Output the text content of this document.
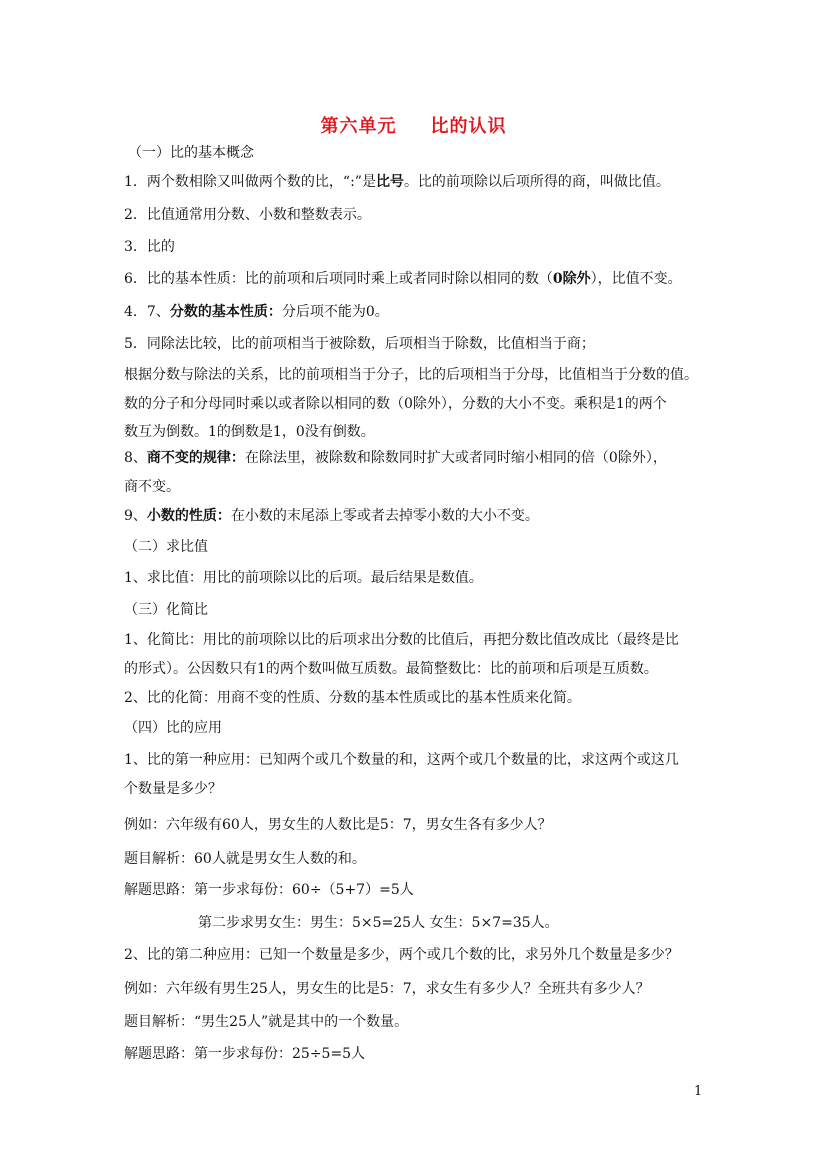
第六单元 比的认识
（一）比的基本概念
1．两个数相除又叫做两个数的比，“:”是比号。比的前项除以后项所得的商，叫做比值。
2．比值通常用分数、小数和整数表示。
3．比的
6．比的基本性质：比的前项和后项同时乘上或者同时除以相同的数（0除外），比值不变。
4．7、分数的基本性质：分后项不能为0。
5．同除法比较，比的前项相当于被除数，后项相当于除数，比值相当于商；
根据分数与除法的关系，比的前项相当于分子，比的后项相当于分母，比值相当于分数的值。
数的分子和分母同时乘以或者除以相同的数（0除外），分数的大小不变。乘积是1的两个
数互为倒数。1的倒数是1，0没有倒数。
8、商不变的规律：在除法里，被除数和除数同时扩大或者同时缩小相同的倍（0除外），
商不变。
9、小数的性质：在小数的末尾添上零或者去掉零小数的大小不变。
（二）求比值
1、求比值：用比的前项除以比的后项。最后结果是数值。
（三）化简比
1、化简比：用比的前项除以比的后项求出分数的比值后，再把分数比值改成比（最终是比
的形式）。公因数只有1的两个数叫做互质数。最简整数比：比的前项和后项是互质数。
2、比的化简：用商不变的性质、分数的基本性质或比的基本性质来化简。
（四）比的应用
1、比的第一种应用：已知两个或几个数量的和，这两个或几个数量的比，求这两个或这几
个数量是多少？
例如：六年级有60人，男女生的人数比是5：7，男女生各有多少人？
题目解析：60人就是男女生人数的和。
解题思路：第一步求每份：60÷（5+7）=5人
第二步求男女生：男生：5×5=25人 女生：5×7=35人。
2、比的第二种应用：已知一个数量是多少，两个或几个数的比，求另外几个数量是多少？
例如：六年级有男生25人，男女生的比是5：7，求女生有多少人？全班共有多少人？
题目解析：“男生25人”就是其中的一个数量。
解题思路：第一步求每份：25÷5=5人
1
